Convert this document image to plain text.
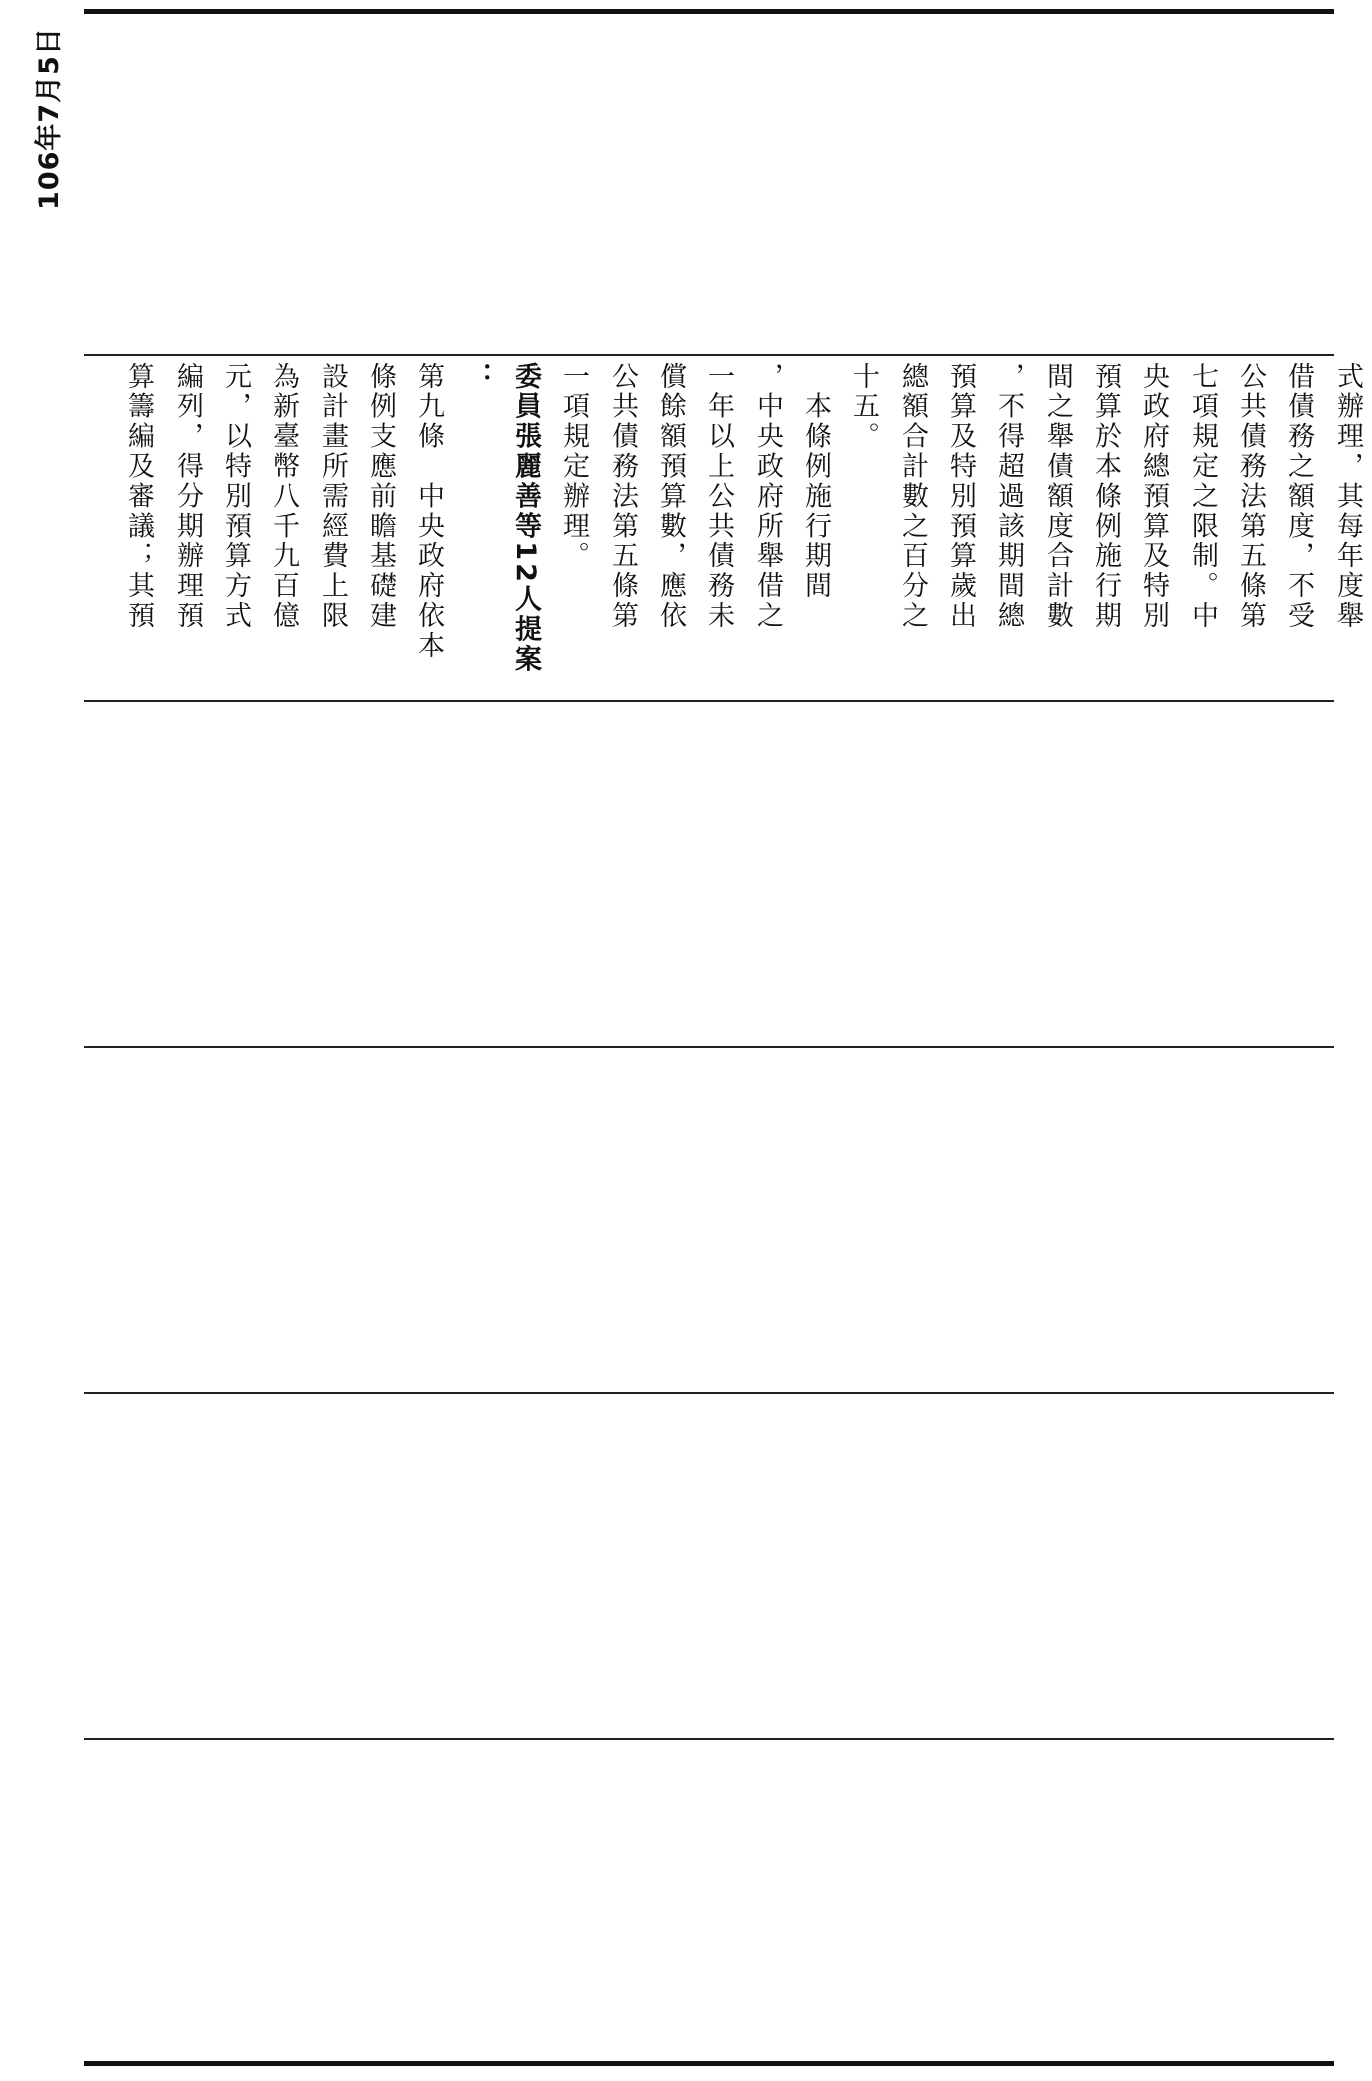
106年7月5日
式辦理，其每年度舉
借債務之額度，不受
公共債務法第五條第
七項規定之限制。中
央政府總預算及特別
預算於本條例施行期
間之舉債額度合計數
，不得超過該期間總
預算及特別預算歲出
總額合計數之百分之
十五。
　本條例施行期間
，中央政府所舉借之
一年以上公共債務未
償餘額預算數，應依
公共債務法第五條第
一項規定辦理。
委員張麗善等12人提案
：
第九條　中央政府依本
條例支應前瞻基礎建
設計畫所需經費上限
為新臺幣八千九百億
元，以特別預算方式
編列，得分期辦理預
算籌編及審議；其預
